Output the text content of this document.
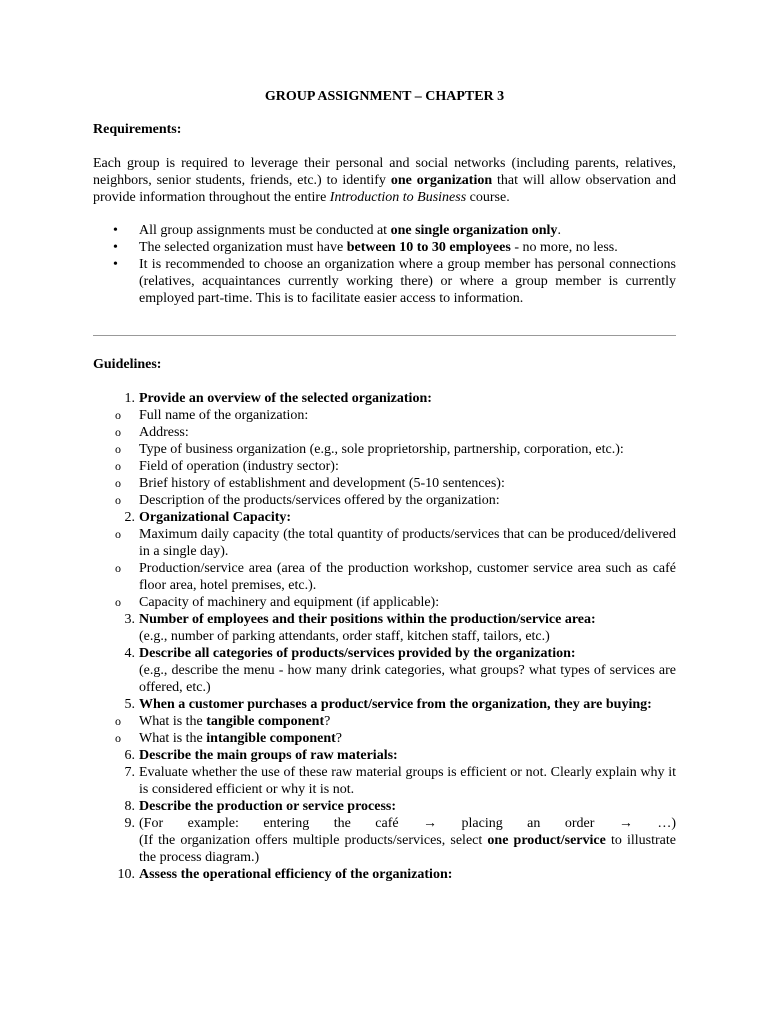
GROUP ASSIGNMENT – CHAPTER 3
Requirements:

Each group is required to leverage their personal and social networks (including parents, relatives, neighbors, senior students, friends, etc.) to identify one organization that will allow observation and provide information throughout the entire Introduction to Business course.

• All group assignments must be conducted at one single organization only.
• The selected organization must have between 10 to 30 employees - no more, no less.
• It is recommended to choose an organization where a group member has personal connections (relatives, acquaintances currently working there) or where a group member is currently employed part-time. This is to facilitate easier access to information.
Guidelines:
1. Provide an overview of the selected organization:
o Full name of the organization:
o Address:
o Type of business organization (e.g., sole proprietorship, partnership, corporation, etc.):
o Field of operation (industry sector):
o Brief history of establishment and development (5-10 sentences):
o Description of the products/services offered by the organization:
2. Organizational Capacity:
o Maximum daily capacity (the total quantity of products/services that can be produced/delivered in a single day).
o Production/service area (area of the production workshop, customer service area such as café floor area, hotel premises, etc.).
o Capacity of machinery and equipment (if applicable):
3. Number of employees and their positions within the production/service area:
(e.g., number of parking attendants, order staff, kitchen staff, tailors, etc.)
4. Describe all categories of products/services provided by the organization:
(e.g., describe the menu - how many drink categories, what groups? what types of services are offered, etc.)
5. When a customer purchases a product/service from the organization, they are buying:
o What is the tangible component?
o What is the intangible component?
6. Describe the main groups of raw materials:
7. Evaluate whether the use of these raw material groups is efficient or not. Clearly explain why it is considered efficient or why it is not.
8. Describe the production or service process:
9. (For example: entering the café → placing an order → …)
(If the organization offers multiple products/services, select one product/service to illustrate the process diagram.)
10. Assess the operational efficiency of the organization:
